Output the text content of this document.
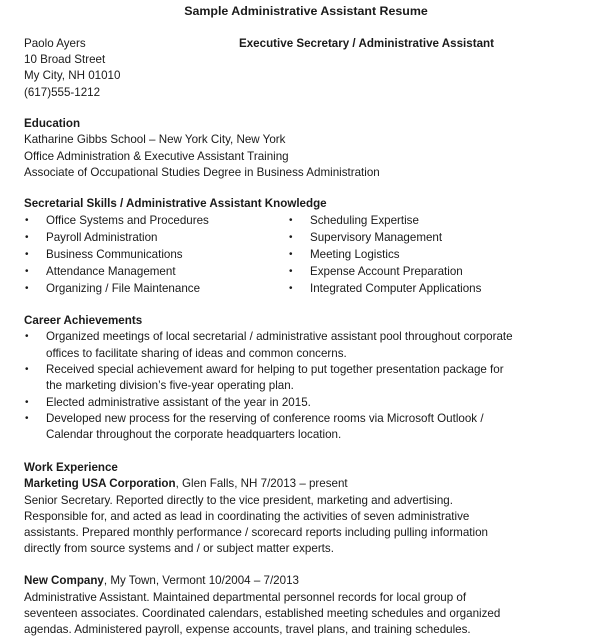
Sample Administrative Assistant Resume
Paolo Ayers
10 Broad Street
My City, NH 01010
(617)555-1212
Executive Secretary / Administrative Assistant
Education
Katharine Gibbs School – New York City, New York
Office Administration & Executive Assistant Training
Associate of Occupational Studies Degree in Business Administration
Secretarial Skills / Administrative Assistant Knowledge
•	Office Systems and Procedures
•	Payroll Administration
•	Business Communications
•	Attendance Management
•	Organizing / File Maintenance
•	Scheduling Expertise
•	Supervisory Management
•	Meeting Logistics
•	Expense Account Preparation
•	Integrated Computer Applications
Career Achievements
•	Organized meetings of local secretarial / administrative assistant pool throughout corporate
offices to facilitate sharing of ideas and common concerns.
•	Received special achievement award for helping to put together presentation package for
the marketing division’s five-year operating plan.
•	Elected administrative assistant of the year in 2015.
•	Developed new process for the reserving of conference rooms via Microsoft Outlook /
Calendar throughout the corporate headquarters location.
Work Experience
Marketing USA Corporation, Glen Falls, NH 7/2013 – present
Senior Secretary. Reported directly to the vice president, marketing and advertising.
Responsible for, and acted as lead in coordinating the activities of seven administrative
assistants. Prepared monthly performance / scorecard reports including pulling information
directly from source systems and / or subject matter experts.
New Company, My Town, Vermont 10/2004 – 7/2013
Administrative Assistant. Maintained departmental personnel records for local group of
seventeen associates. Coordinated calendars, established meeting schedules and organized
agendas. Administered payroll, expense accounts, travel plans, and training schedules.
